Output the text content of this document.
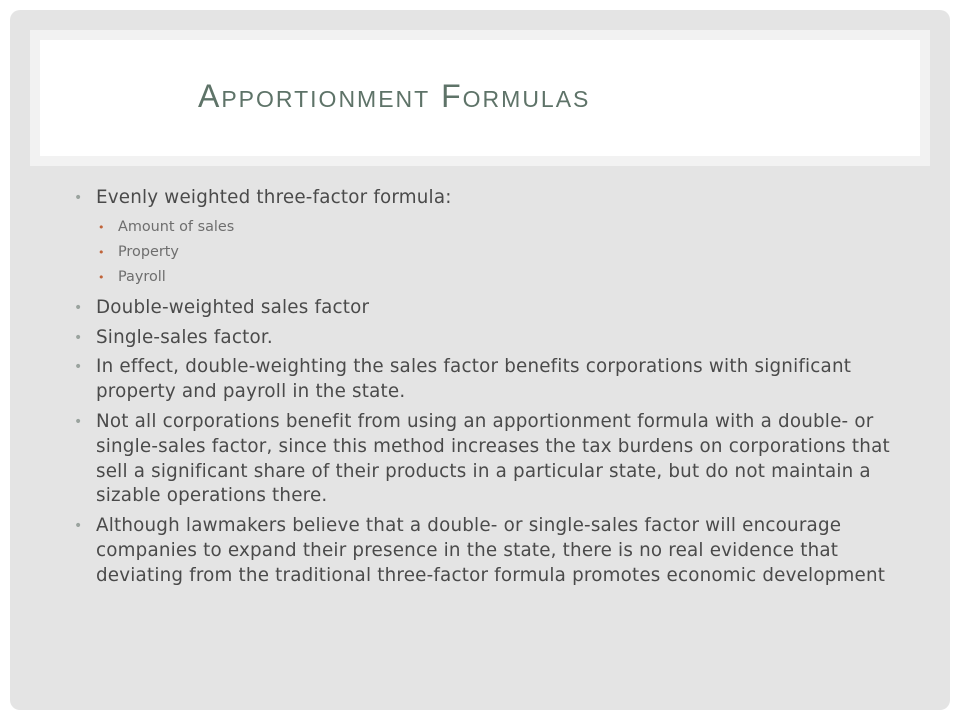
APPORTIONMENT FORMULAS
• Evenly weighted three-factor formula:
• Amount of sales
• Property
• Payroll
• Double-weighted sales factor
• Single-sales factor.
• In effect, double-weighting the sales factor benefits corporations with significant property and payroll in the state.
• Not all corporations benefit from using an apportionment formula with a double- or single-sales factor, since this method increases the tax burdens on corporations that sell a significant share of their products in a particular state, but do not maintain a sizable operations there.
• Although lawmakers believe that a double- or single-sales factor will encourage companies to expand their presence in the state, there is no real evidence that deviating from the traditional three-factor formula promotes economic development
